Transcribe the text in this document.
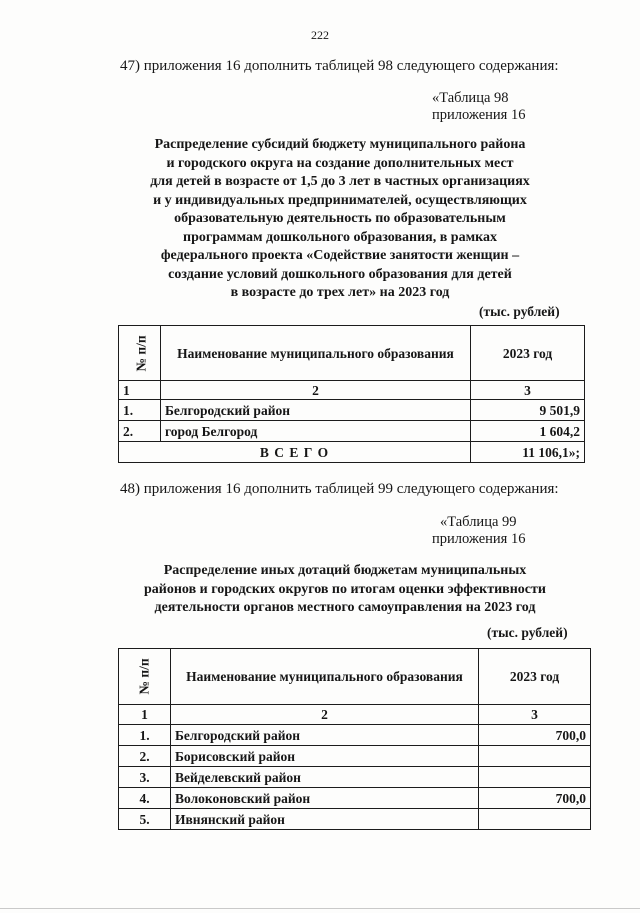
222
47) приложения 16 дополнить таблицей 98 следующего содержания:
«Таблица 98
приложения 16
Распределение субсидий бюджету муниципального района
и городского округа на создание дополнительных мест
для детей в возрасте от 1,5 до 3 лет в частных организациях
и у индивидуальных предпринимателей, осуществляющих
образовательную деятельность по образовательным
программам дошкольного образования, в рамках
федерального проекта «Содействие занятости женщин –
создание условий дошкольного образования для детей
в возрасте до трех лет» на 2023 год
(тыс. рублей)
№ п/п	Наименование муниципального образования	2023 год
1	2	3
1.	Белгородский район	9 501,9
2.	город Белгород	1 604,2
В С Е Г О		11 106,1»;
48) приложения 16 дополнить таблицей 99 следующего содержания:
«Таблица 99
приложения 16
Распределение иных дотаций бюджетам муниципальных
районов и городских округов по итогам оценки эффективности
деятельности органов местного самоуправления на 2023 год
(тыс. рублей)
№ п/п	Наименование муниципального образования	2023 год
1	2	3
1.	Белгородский район	700,0
2.	Борисовский район	
3.	Вейделевский район	
4.	Волоконовский район	700,0
5.	Ивнянский район	
